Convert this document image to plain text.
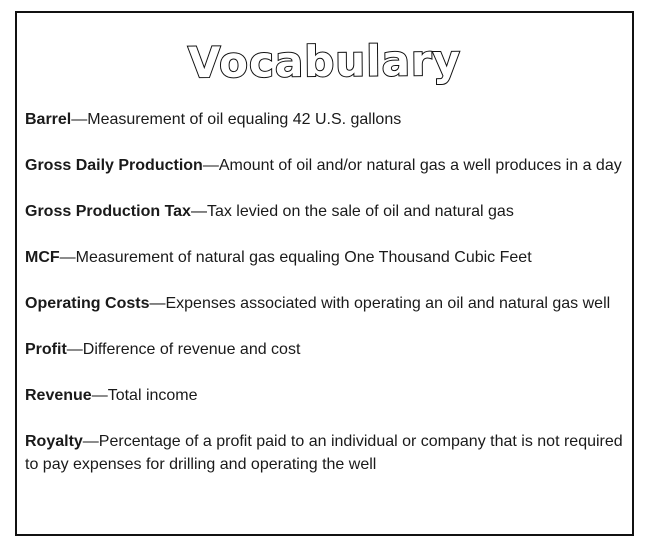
Vocabulary

Barrel—Measurement of oil equaling 42 U.S. gallons

Gross Daily Production—Amount of oil and/or natural gas a well produces in a day

Gross Production Tax—Tax levied on the sale of oil and natural gas

MCF—Measurement of natural gas equaling One Thousand Cubic Feet

Operating Costs—Expenses associated with operating an oil and natural gas well

Profit—Difference of revenue and cost

Revenue—Total income

Royalty—Percentage of a profit paid to an individual or company that is not required to pay expenses for drilling and operating the well
